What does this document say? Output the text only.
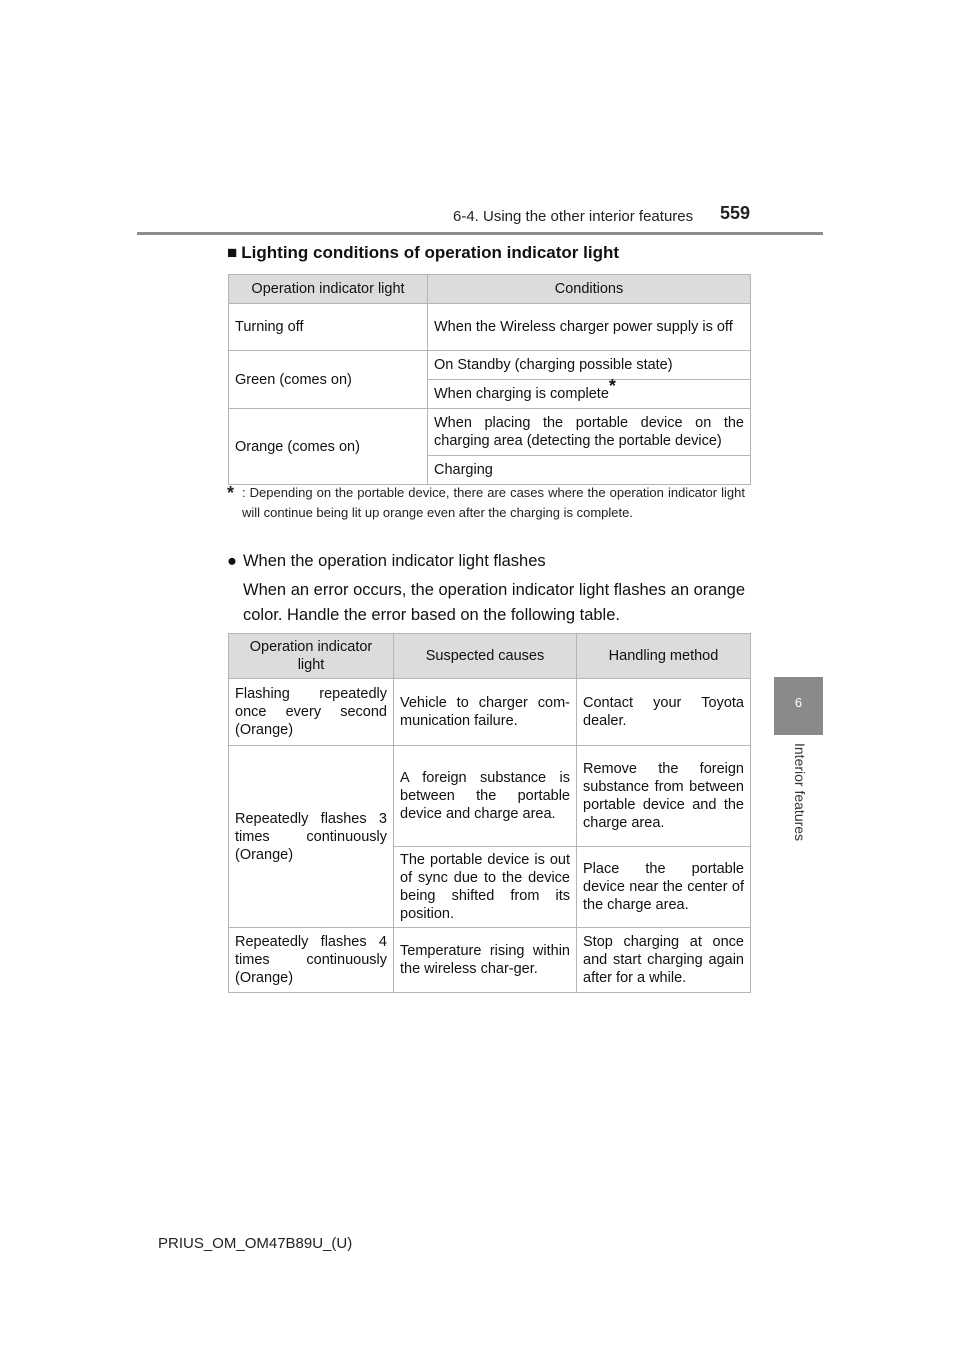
6-4. Using the other interior features 559
6
Interior features
■ Lighting conditions of operation indicator light
Operation indicator light	Conditions
Turning off	When the Wireless charger power supply is off
Green (comes on)	On Standby (charging possible state)
	When charging is complete*
Orange (comes on)	When placing the portable device on the charging area (detecting the portable device)
	Charging
* : Depending on the portable device, there are cases where the operation indicator light will continue being lit up orange even after the charging is complete.
● When the operation indicator light flashes
When an error occurs, the operation indicator light flashes an orange color. Handle the error based on the following table.
Operation indicator light	Suspected causes	Handling method
Flashing repeatedly once every second (Orange)	Vehicle to charger com-munication failure.	Contact your Toyota dealer.
Repeatedly flashes 3 times continuously (Orange)	A foreign substance is between the portable device and charge area.	Remove the foreign substance from between portable device and the charge area.
	The portable device is out of sync due to the device being shifted from its position.	Place the portable device near the center of the charge area.
Repeatedly flashes 4 times continuously (Orange)	Temperature rising within the wireless char-ger.	Stop charging at once and start charging again after for a while.
PRIUS_OM_OM47B89U_(U)
